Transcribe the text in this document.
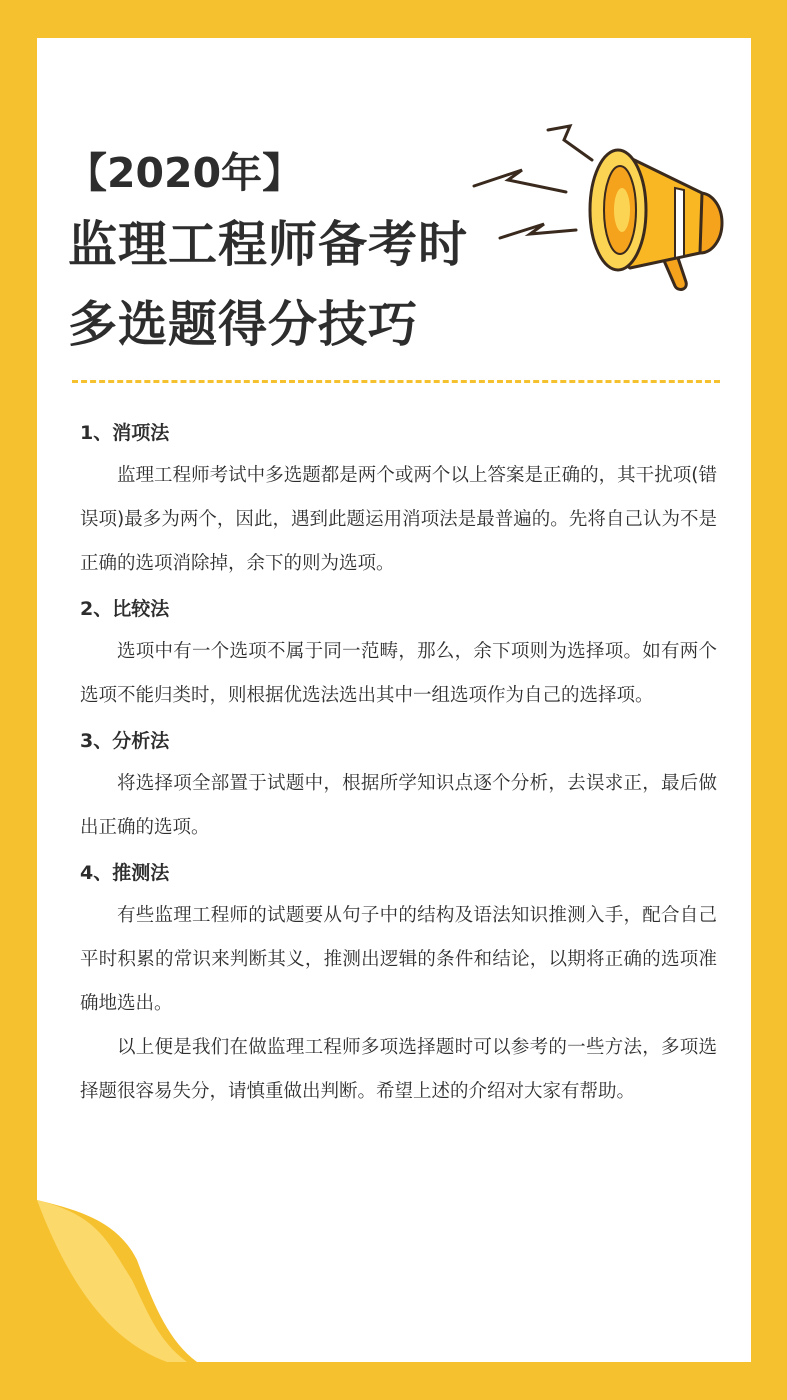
【2020年】
监理工程师备考时
多选题得分技巧
1、消项法

监理工程师考试中多选题都是两个或两个以上答案是正确的，其干扰项(错误项)最多为两个，因此，遇到此题运用消项法是最普遍的。先将自己认为不是正确的选项消除掉，余下的则为选项。

2、比较法

选项中有一个选项不属于同一范畴，那么，余下项则为选择项。如有两个选项不能归类时，则根据优选法选出其中一组选项作为自己的选择项。

3、分析法

将选择项全部置于试题中，根据所学知识点逐个分析，去误求正，最后做出正确的选项。

4、推测法

有些监理工程师的试题要从句子中的结构及语法知识推测入手，配合自己平时积累的常识来判断其义，推测出逻辑的条件和结论，以期将正确的选项准确地选出。

以上便是我们在做监理工程师多项选择题时可以参考的一些方法，多项选择题很容易失分，请慎重做出判断。希望上述的介绍对大家有帮助。
